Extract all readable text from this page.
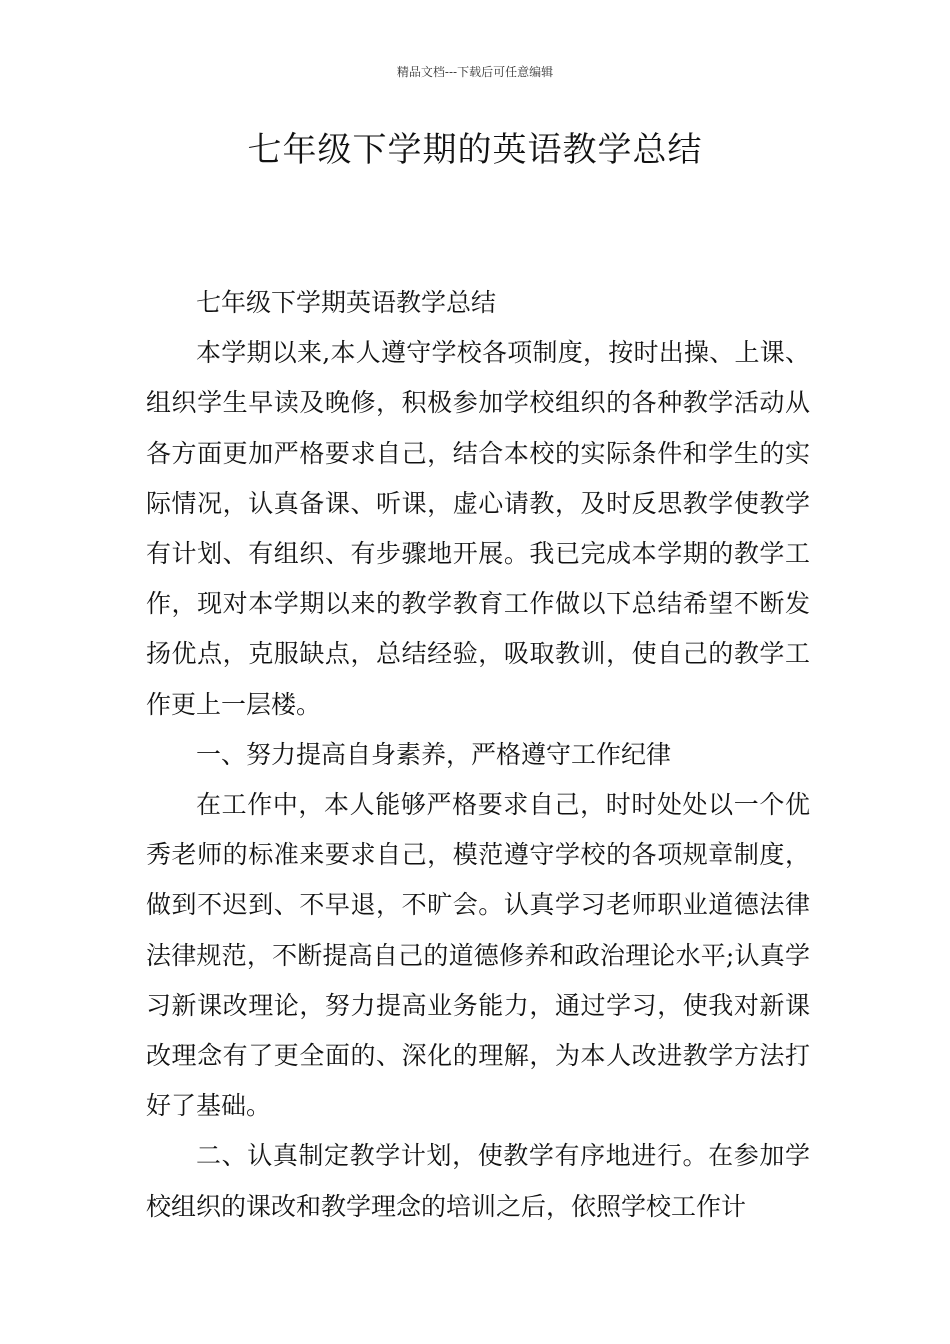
精品文档---下载后可任意编辑
七年级下学期的英语教学总结

七年级下学期英语教学总结

本学期以来,本人遵守学校各项制度，按时出操、上课、组织学生早读及晚修，积极参加学校组织的各种教学活动从各方面更加严格要求自己，结合本校的实际条件和学生的实际情况，认真备课、听课，虚心请教，及时反思教学使教学有计划、有组织、有步骤地开展。我已完成本学期的教学工作，现对本学期以来的教学教育工作做以下总结希望不断发扬优点，克服缺点，总结经验，吸取教训，使自己的教学工作更上一层楼。

一、努力提高自身素养，严格遵守工作纪律

在工作中，本人能够严格要求自己，时时处处以一个优秀老师的标准来要求自己，模范遵守学校的各项规章制度，做到不迟到、不早退，不旷会。认真学习老师职业道德法律法律规范，不断提高自己的道德修养和政治理论水平;认真学习新课改理论，努力提高业务能力，通过学习，使我对新课改理念有了更全面的、深化的理解，为本人改进教学方法打好了基础。

二、认真制定教学计划，使教学有序地进行。在参加学校组织的课改和教学理念的培训之后，依照学校工作计
